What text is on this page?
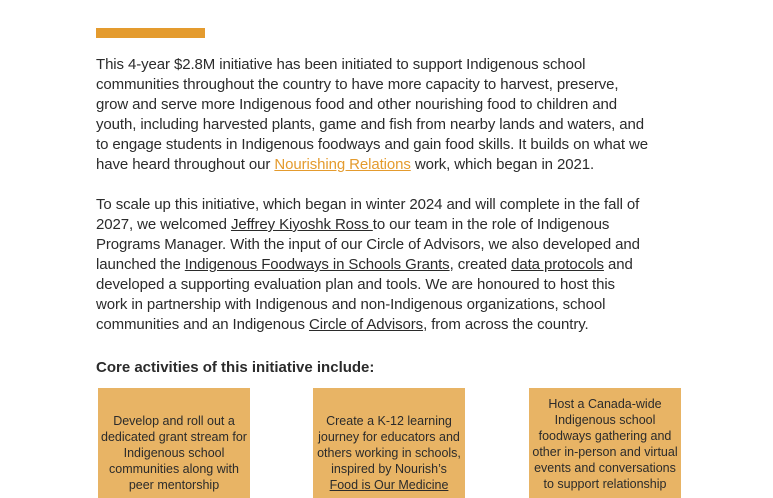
This 4-year $2.8M initiative has been initiated to support Indigenous school
communities throughout the country to have more capacity to harvest, preserve,
grow and serve more Indigenous food and other nourishing food to children and
youth, including harvested plants, game and fish from nearby lands and waters, and
to engage students in Indigenous foodways and gain food skills. It builds on what we
have heard throughout our Nourishing Relations work, which began in 2021.
To scale up this initiative, which began in winter 2024 and will complete in the fall of
2027, we welcomed Jeffrey Kiyoshk Ross to our team in the role of Indigenous
Programs Manager. With the input of our Circle of Advisors, we also developed and
launched the Indigenous Foodways in Schools Grants, created data protocols and
developed a supporting evaluation plan and tools. We are honoured to host this
work in partnership with Indigenous and non-Indigenous organizations, school
communities and an Indigenous Circle of Advisors, from across the country.
Core activities of this initiative include:
Develop and roll out a
dedicated grant stream for
Indigenous school
communities along with
peer mentorship
Create a K-12 learning
journey for educators and
others working in schools,
inspired by Nourish’s
Food is Our Medicine
Host a Canada-wide
Indigenous school
foodways gathering and
other in-person and virtual
events and conversations
to support relationship
